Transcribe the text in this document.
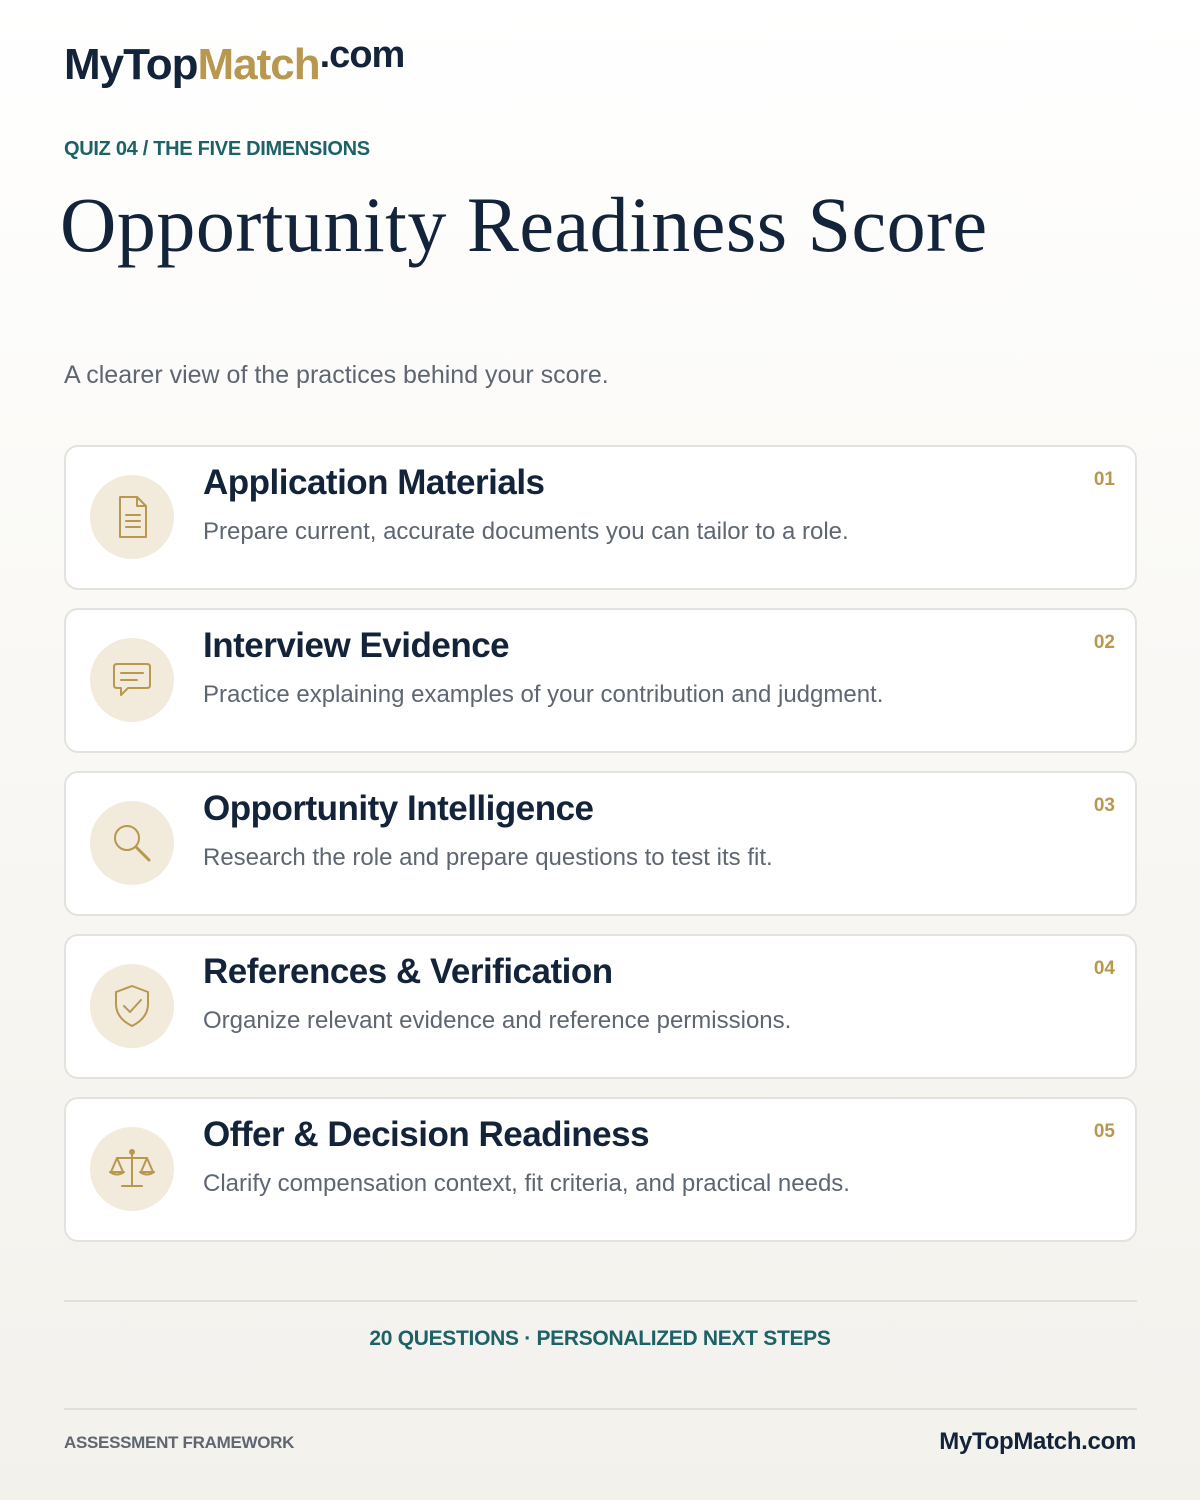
MyTopMatch.com
QUIZ 04 / THE FIVE DIMENSIONS
Opportunity Readiness Score

A clearer view of the practices behind your score.

Application Materials
Prepare current, accurate documents you can tailor to a role.
01
Interview Evidence
Practice explaining examples of your contribution and judgment.
02
Opportunity Intelligence
Research the role and prepare questions to test its fit.
03
References & Verification
Organize relevant evidence and reference permissions.
04
Offer & Decision Readiness
Clarify compensation context, fit criteria, and practical needs.
05
20 QUESTIONS · PERSONALIZED NEXT STEPS
ASSESSMENT FRAMEWORK	MyTopMatch.com
